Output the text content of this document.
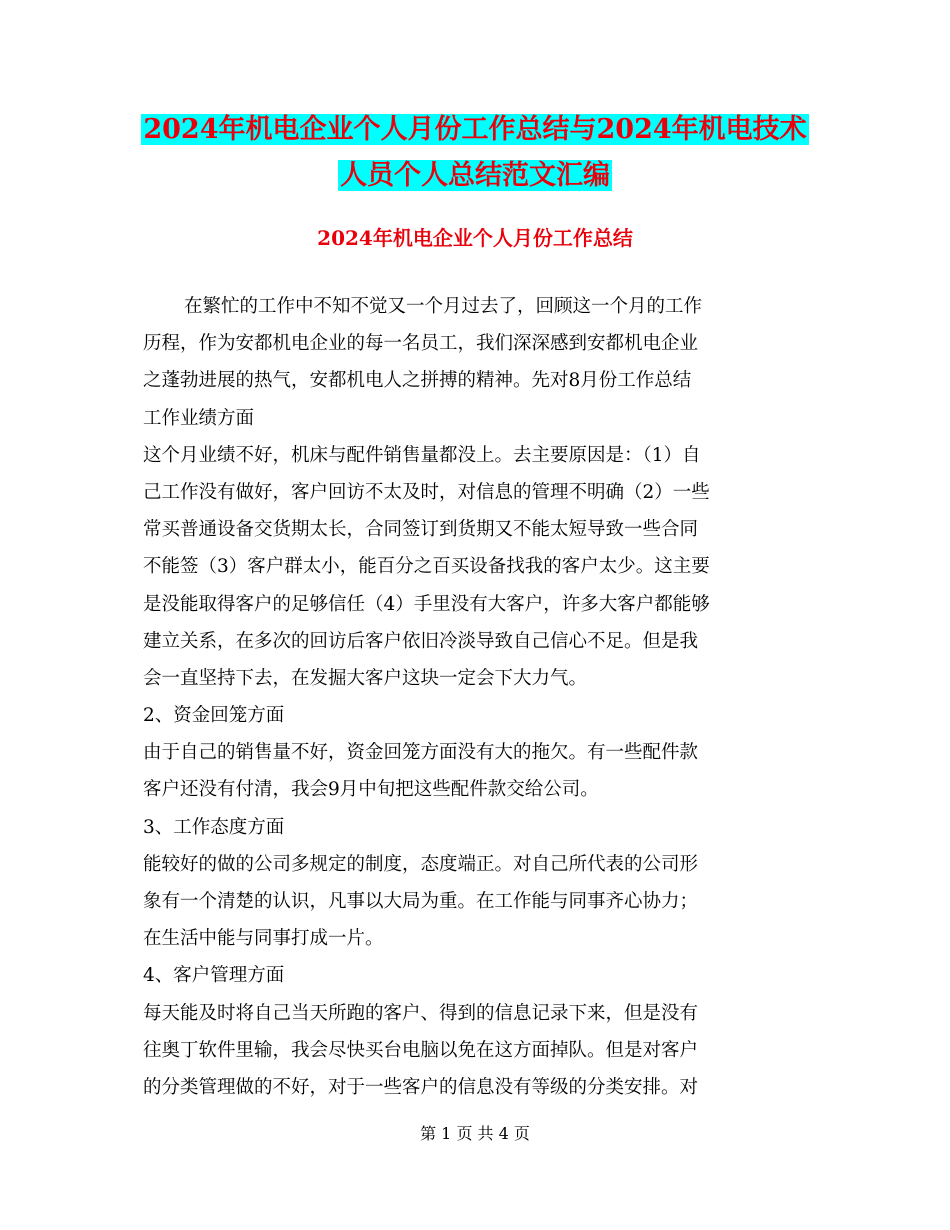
2024年机电企业个人月份工作总结与2024年机电技术
人员个人总结范文汇编
2024年机电企业个人月份工作总结
在繁忙的工作中不知不觉又一个月过去了，回顾这一个月的工作
历程，作为安都机电企业的每一名员工，我们深深感到安都机电企业
之蓬勃进展的热气，安都机电人之拼搏的精神。先对8月份工作总结
工作业绩方面
这个月业绩不好，机床与配件销售量都没上。去主要原因是：（1）自
己工作没有做好，客户回访不太及时，对信息的管理不明确（2）一些
常买普通设备交货期太长，合同签订到货期又不能太短导致一些合同
不能签（3）客户群太小，能百分之百买设备找我的客户太少。这主要
是没能取得客户的足够信任（4）手里没有大客户，许多大客户都能够
建立关系，在多次的回访后客户依旧冷淡导致自己信心不足。但是我
会一直坚持下去，在发掘大客户这块一定会下大力气。
2、资金回笼方面
由于自己的销售量不好，资金回笼方面没有大的拖欠。有一些配件款
客户还没有付清，我会9月中旬把这些配件款交给公司。
3、工作态度方面
能较好的做的公司多规定的制度，态度端正。对自己所代表的公司形
象有一个清楚的认识，凡事以大局为重。在工作能与同事齐心协力；
在生活中能与同事打成一片。
4、客户管理方面
每天能及时将自己当天所跑的客户、得到的信息记录下来，但是没有
往奥丁软件里输，我会尽快买台电脑以免在这方面掉队。但是对客户
的分类管理做的不好，对于一些客户的信息没有等级的分类安排。对
第 1 页 共 4 页
